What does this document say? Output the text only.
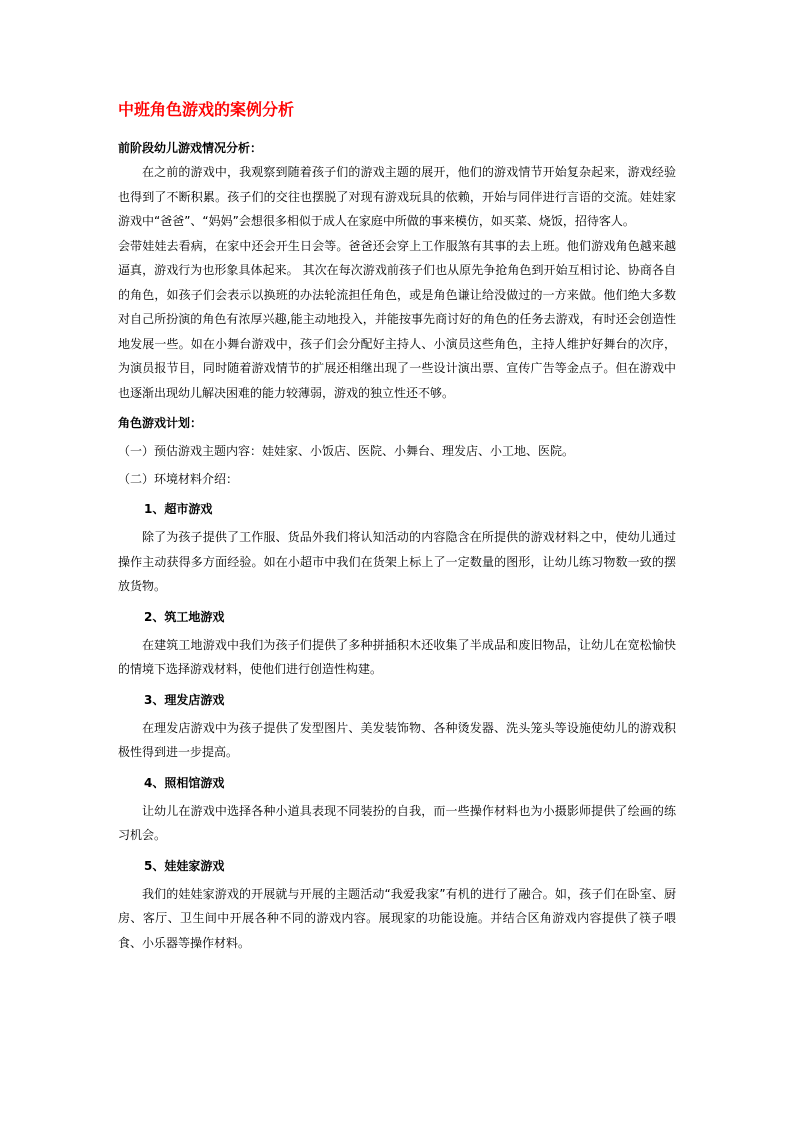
中班角色游戏的案例分析

前阶段幼儿游戏情况分析：

在之前的游戏中，我观察到随着孩子们的游戏主题的展开，他们的游戏情节开始复杂起来，游戏经验也得到了不断积累。孩子们的交往也摆脱了对现有游戏玩具的依赖，开始与同伴进行言语的交流。娃娃家游戏中“爸爸”、“妈妈”会想很多相似于成人在家庭中所做的事来模仿，如买菜、烧饭，招待客人。

会带娃娃去看病，在家中还会开生日会等。爸爸还会穿上工作服煞有其事的去上班。他们游戏角色越来越逼真，游戏行为也形象具体起来。 其次在每次游戏前孩子们也从原先争抢角色到开始互相讨论、协商各自的角色，如孩子们会表示以换班的办法轮流担任角色，或是角色谦让给没做过的一方来做。他们绝大多数对自己所扮演的角色有浓厚兴趣,能主动地投入，并能按事先商讨好的角色的任务去游戏，有时还会创造性地发展一些。如在小舞台游戏中，孩子们会分配好主持人、小演员这些角色，主持人维护好舞台的次序，为演员报节目，同时随着游戏情节的扩展还相继出现了一些设计演出票、宣传广告等金点子。但在游戏中也逐渐出现幼儿解决困难的能力较薄弱，游戏的独立性还不够。

角色游戏计划：

（一）预估游戏主题内容：娃娃家、小饭店、医院、小舞台、理发店、小工地、医院。

（二）环境材料介绍：

1、超市游戏

除了为孩子提供了工作服、货品外我们将认知活动的内容隐含在所提供的游戏材料之中，使幼儿通过操作主动获得多方面经验。如在小超市中我们在货架上标上了一定数量的图形，让幼儿练习物数一致的摆放货物。

2、筑工地游戏

在建筑工地游戏中我们为孩子们提供了多种拼插积木还收集了半成品和废旧物品，让幼儿在宽松愉快的情境下选择游戏材料，使他们进行创造性构建。

3、理发店游戏

在理发店游戏中为孩子提供了发型图片、美发装饰物、各种烫发器、洗头笼头等设施使幼儿的游戏积极性得到进一步提高。

4、照相馆游戏

让幼儿在游戏中选择各种小道具表现不同装扮的自我，而一些操作材料也为小摄影师提供了绘画的练习机会。

5、娃娃家游戏

我们的娃娃家游戏的开展就与开展的主题活动“我爱我家”有机的进行了融合。如，孩子们在卧室、厨房、客厅、卫生间中开展各种不同的游戏内容。展现家的功能设施。并结合区角游戏内容提供了筷子喂食、小乐器等操作材料。
